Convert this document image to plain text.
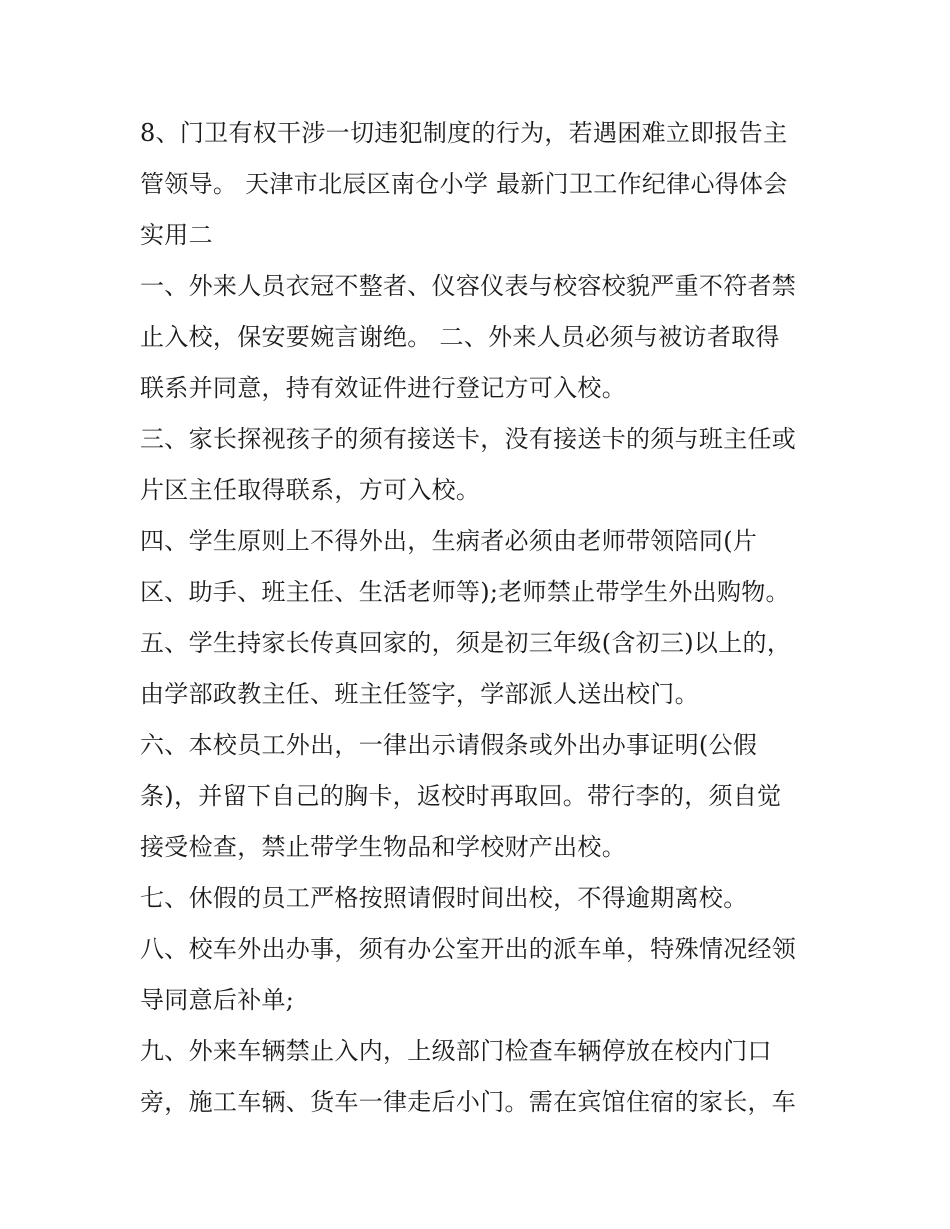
8、门卫有权干涉一切违犯制度的行为，若遇困难立即报告主
管领导。 天津市北辰区南仓小学 最新门卫工作纪律心得体会
实用二
一、外来人员衣冠不整者、仪容仪表与校容校貌严重不符者禁
止入校，保安要婉言谢绝。 二、外来人员必须与被访者取得
联系并同意，持有效证件进行登记方可入校。
三、家长探视孩子的须有接送卡，没有接送卡的须与班主任或
片区主任取得联系，方可入校。
四、学生原则上不得外出，生病者必须由老师带领陪同(片
区、助手、班主任、生活老师等);老师禁止带学生外出购物。
五、学生持家长传真回家的，须是初三年级(含初三)以上的，
由学部政教主任、班主任签字，学部派人送出校门。
六、本校员工外出，一律出示请假条或外出办事证明(公假
条)，并留下自己的胸卡，返校时再取回。带行李的，须自觉
接受检查，禁止带学生物品和学校财产出校。
七、休假的员工严格按照请假时间出校，不得逾期离校。
八、校车外出办事，须有办公室开出的派车单，特殊情况经领
导同意后补单;
九、外来车辆禁止入内，上级部门检查车辆停放在校内门口
旁，施工车辆、货车一律走后小门。需在宾馆住宿的家长，车
